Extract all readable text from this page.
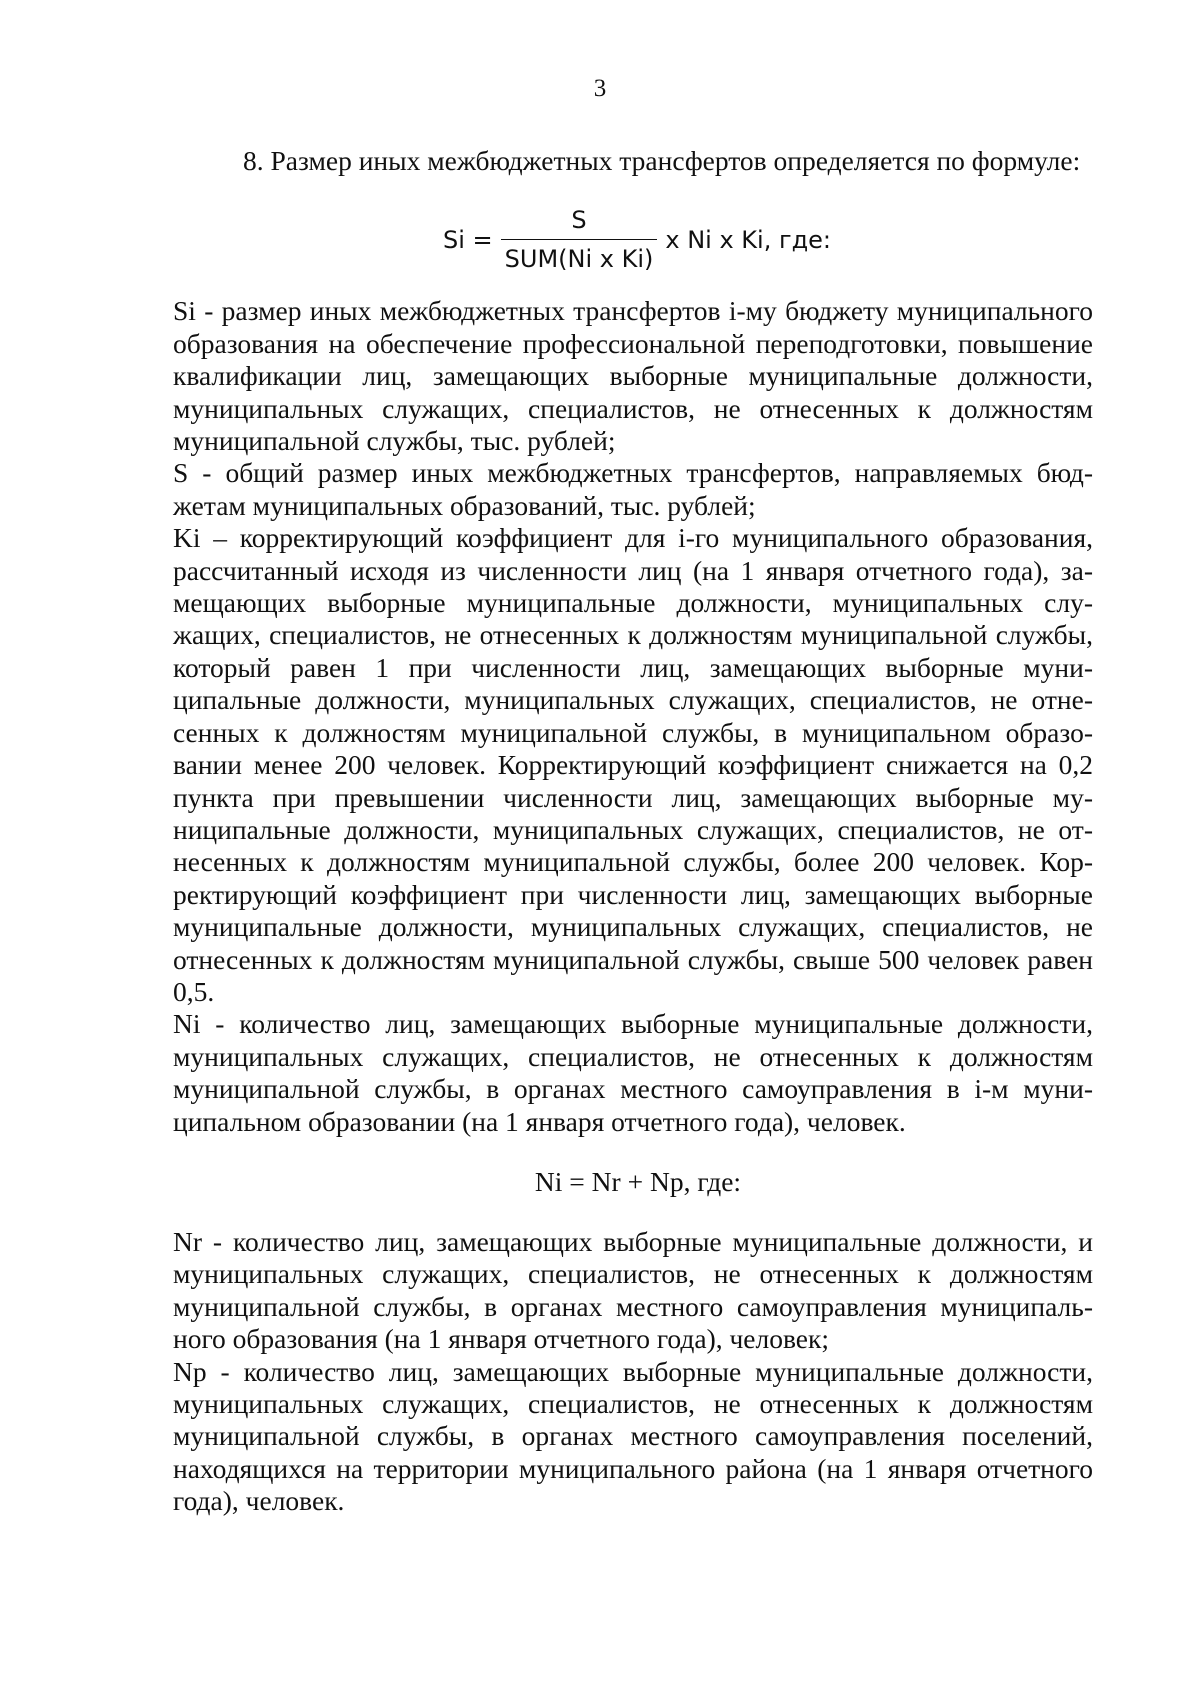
3

8. Размер иных межбюджетных трансфертов определяется по формуле:

$Si = \frac{S}{\text{SUM(Ni x Ki)}}$ x Ni x Ki, где:

Si - размер иных межбюджетных трансфертов i-му бюджету муниципального образования на обеспечение профессиональной переподготовки, повышение квалификации лиц, замещающих выборные муниципальные должности, муниципальных служащих, специалистов, не отнесенных к должностям муниципальной службы, тыс. рублей;

S - общий размер иных межбюджетных трансфертов, направляемых бюджетам муниципальных образований, тыс. рублей;

Ki – корректирующий коэффициент для i-го муниципального образования, рассчитанный исходя из численности лиц (на 1 января отчетного года), замещающих выборные муниципальные должности, муниципальных служащих, специалистов, не отнесенных к должностям муниципальной службы, который равен 1 при численности лиц, замещающих выборные муниципальные должности, муниципальных служащих, специалистов, не отнесенных к должностям муниципальной службы, в муниципальном образовании менее 200 человек. Корректирующий коэффициент снижается на 0,2 пункта при превышении численности лиц, замещающих выборные муниципальные должности, муниципальных служащих, специалистов, не отнесенных к должностям муниципальной службы, более 200 человек. Корректирующий коэффициент при численности лиц, замещающих выборные муниципальные должности, муниципальных служащих, специалистов, не отнесенных к должностям муниципальной службы, свыше 500 человек равен 0,5.

Ni - количество лиц, замещающих выборные муниципальные должности, муниципальных служащих, специалистов, не отнесенных к должностям муниципальной службы, в органах местного самоуправления в i-м муниципальном образовании (на 1 января отчетного года), человек.

Ni = Nr + Np, где:

Nr - количество лиц, замещающих выборные муниципальные должности, и муниципальных служащих, специалистов, не отнесенных к должностям муниципальной службы, в органах местного самоуправления муниципального образования (на 1 января отчетного года), человек;

Np - количество лиц, замещающих выборные муниципальные должности, муниципальных служащих, специалистов, не отнесенных к должностям муниципальной службы, в органах местного самоуправления поселений, находящихся на территории муниципального района (на 1 января отчетного года), человек.
